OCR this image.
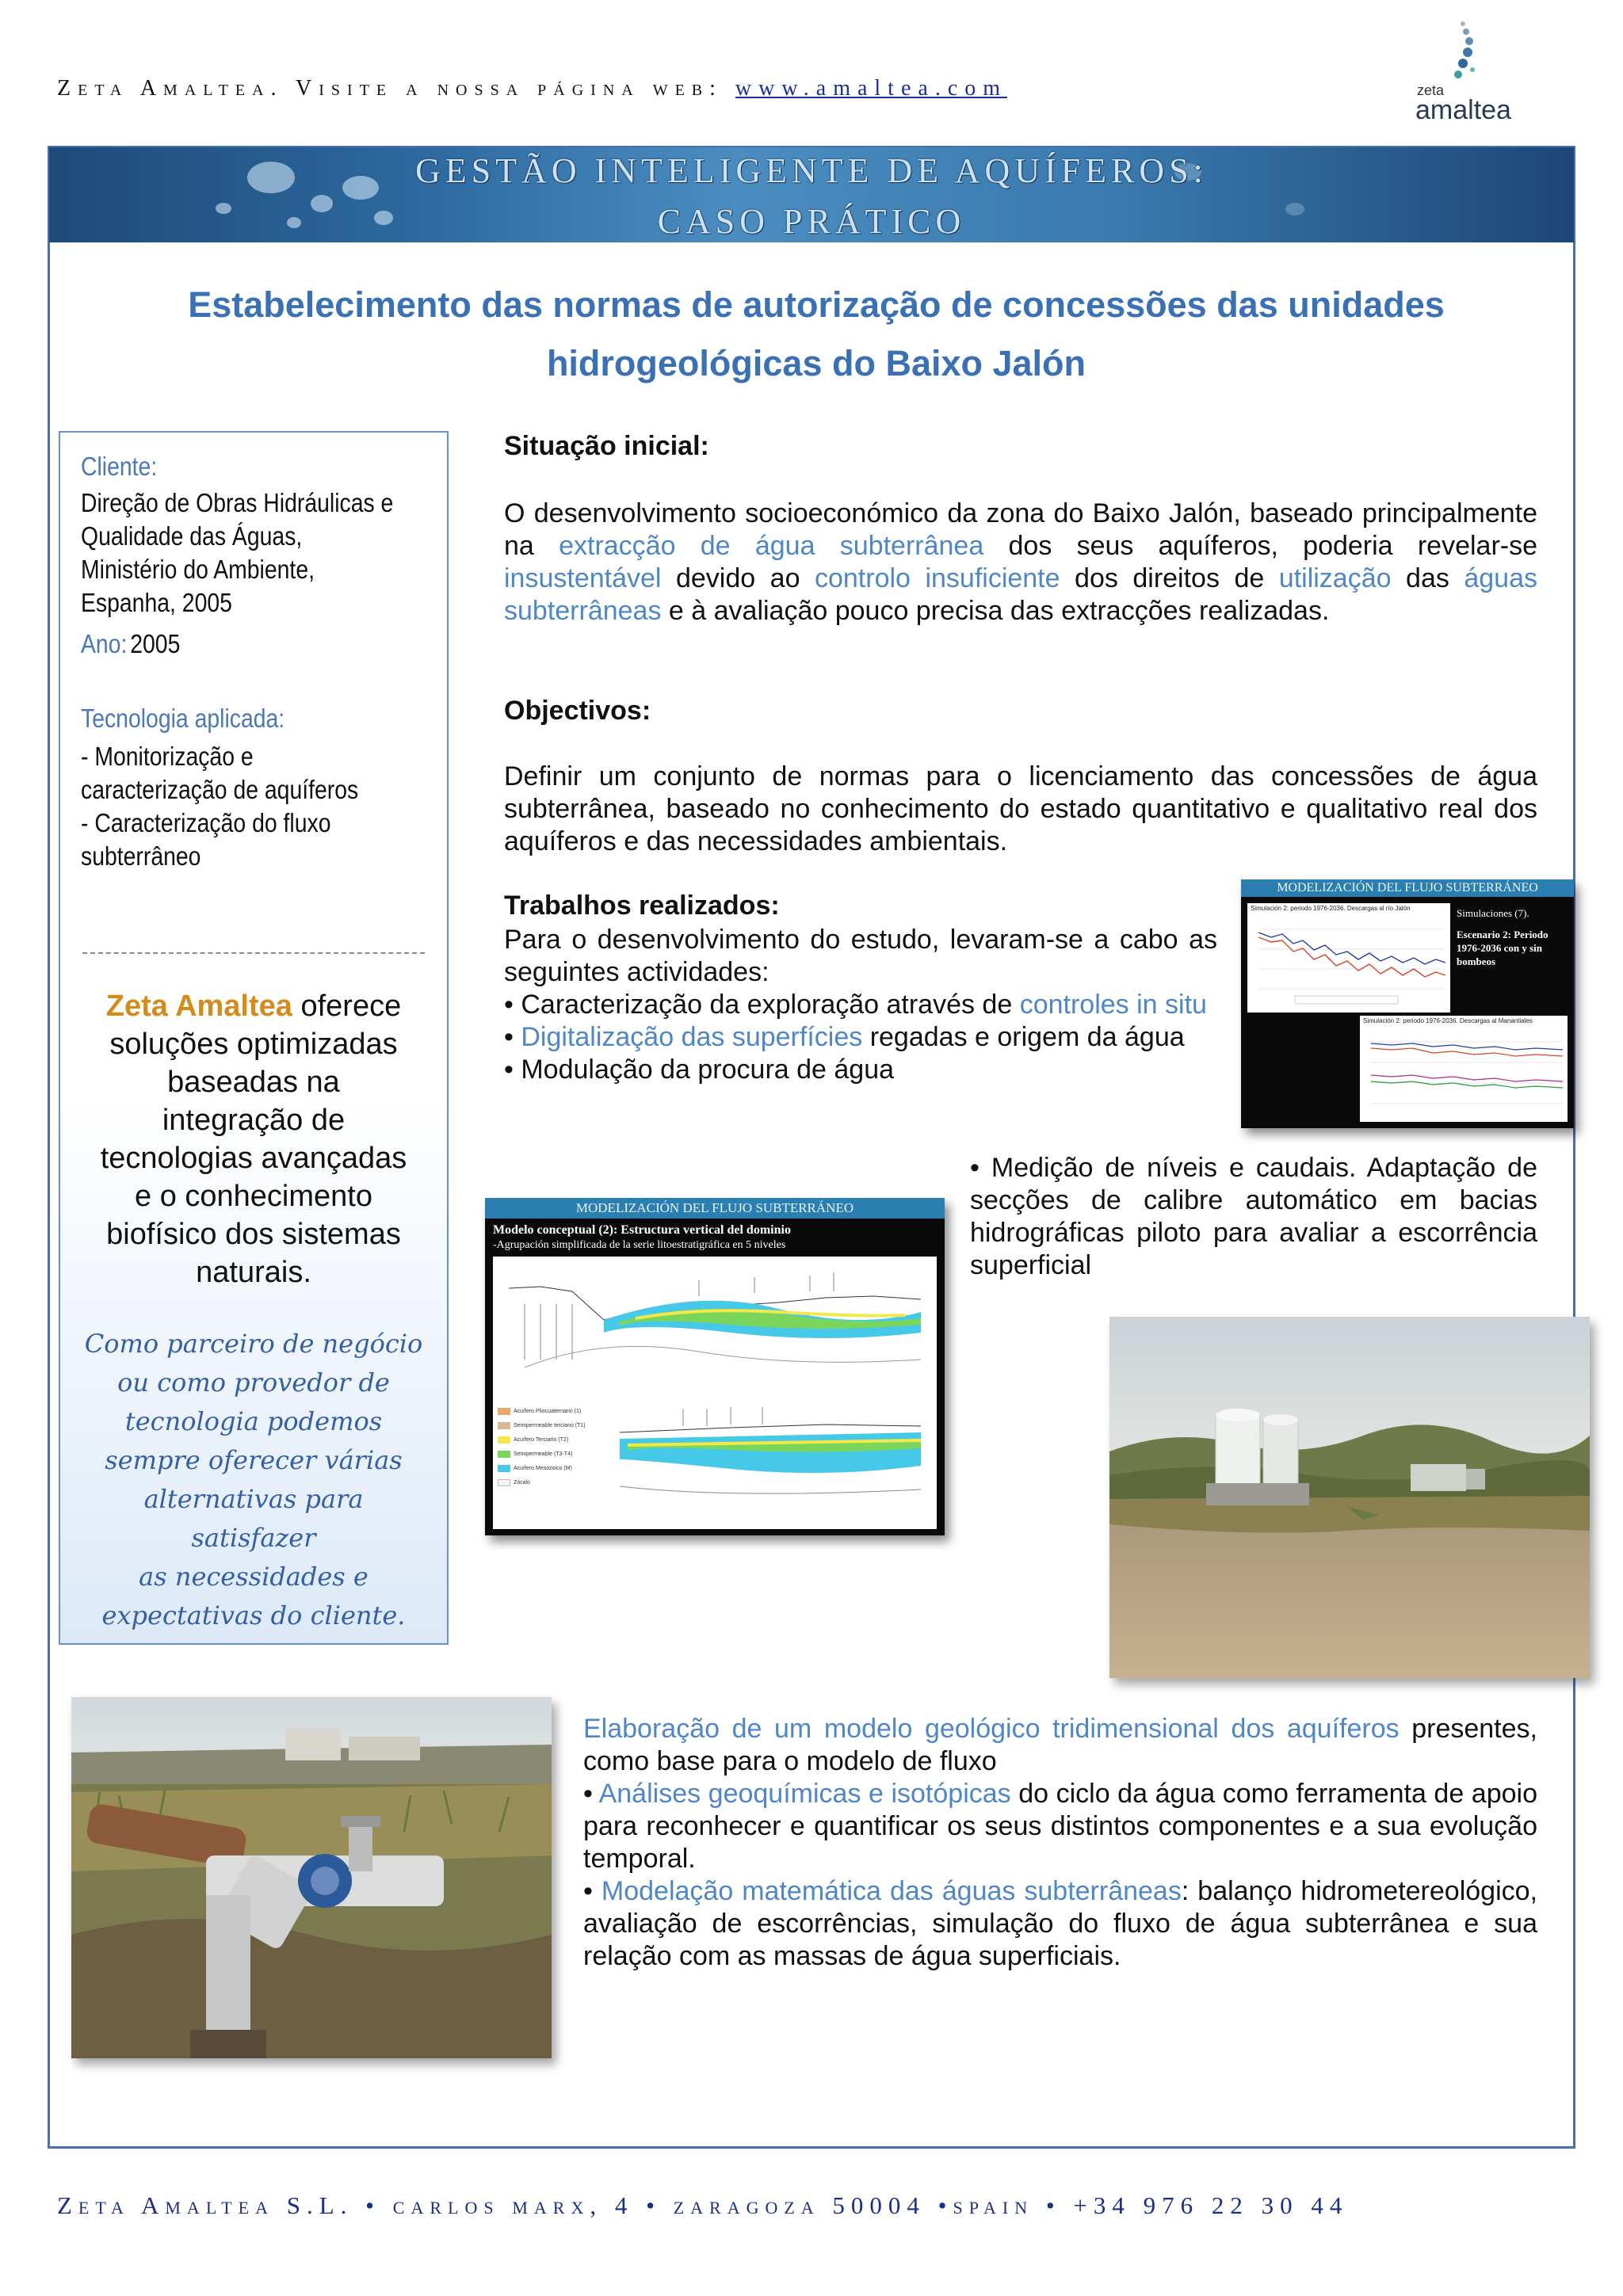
Zeta Amaltea. Visite a nossa página web: www.amaltea.com	zeta
amaltea
GESTÃO INTELIGENTE DE AQUÍFEROS:
CASO PRÁTICO
Estabelecimento das normas de autorização de concessões das unidades
hidrogeológicas do Baixo Jalón
Cliente:
Direção de Obras Hidráulicas e
Qualidade das Águas,
Ministério do Ambiente,
Espanha, 2005
Ano: 2005
Tecnologia aplicada:
- Monitorização e
caracterização de aquíferos
- Caracterização do fluxo
subterrâneo
Zeta Amaltea oferece
soluções optimizadas
baseadas na
integração de
tecnologias avançadas
e o conhecimento
biofísico dos sistemas
naturais.
Como parceiro de negócio
ou como provedor de
tecnologia podemos
sempre oferecer várias
alternativas para satisfazer
as necessidades e
expectativas do cliente.
Situação inicial:
O desenvolvimento socioeconómico da zona do Baixo Jalón, baseado principalmente na extracção de água subterrânea dos seus aquíferos, poderia revelar-se insustentável devido ao controlo insuficiente dos direitos de utilização das águas subterrâneas e à avaliação pouco precisa das extracções realizadas.
Objectivos:
Definir um conjunto de normas para o licenciamento das concessões de água subterrânea, baseado no conhecimento do estado quantitativo e qualitativo real dos aquíferos e das necessidades ambientais.
Trabalhos realizados:
Para o desenvolvimento do estudo, levaram-se a cabo as seguintes actividades:
• Caracterização da exploração através de controles in situ
• Digitalização das superfícies regadas e origem da água
• Modulação da procura de água
• Medição de níveis e caudais. Adaptação de secções de calibre automático em bacias hidrográficas piloto para avaliar a escorrência superficial
MODELIZACIÓN DEL FLUJO SUBTERRÁNEO
Simulación 2: periodo 1976-2036. Descargas al río Jalón	Simulaciones (7).
Escenario 2: Periodo
1976-2036 con y sin
bombeos
Simulación 2: periodo 1976-2036. Descargas al Manantiales
MODELIZACIÓN DEL FLUJO SUBTERRÁNEO
Modelo conceptual (2): Estructura vertical del dominio
-Agrupación simplificada de la serie litoestratigráfica en 5 niveles
Acuífero Pliocuaternario (1)
Semipermeable terciario (T1)
Acuífero Terciario (T2)
Semipermeable (T3-T4)
Acuífero Mesozoico (M)
Zócalo
Elaboração de um modelo geológico tridimensional dos aquíferos presentes, como base para o modelo de fluxo
• Análises geoquímicas e isotópicas do ciclo da água como ferramenta de apoio para reconhecer e quantificar os seus distintos componentes e a sua evolução temporal.
• Modelação matemática das águas subterrâneas: balanço hidrometereológico, avaliação de escorrências, simulação do fluxo de água subterrânea e sua relação com as massas de água superficiais.
Zeta Amaltea S.L. • carlos marx, 4 • zaragoza 50004 •spain • +34 976 22 30 44
